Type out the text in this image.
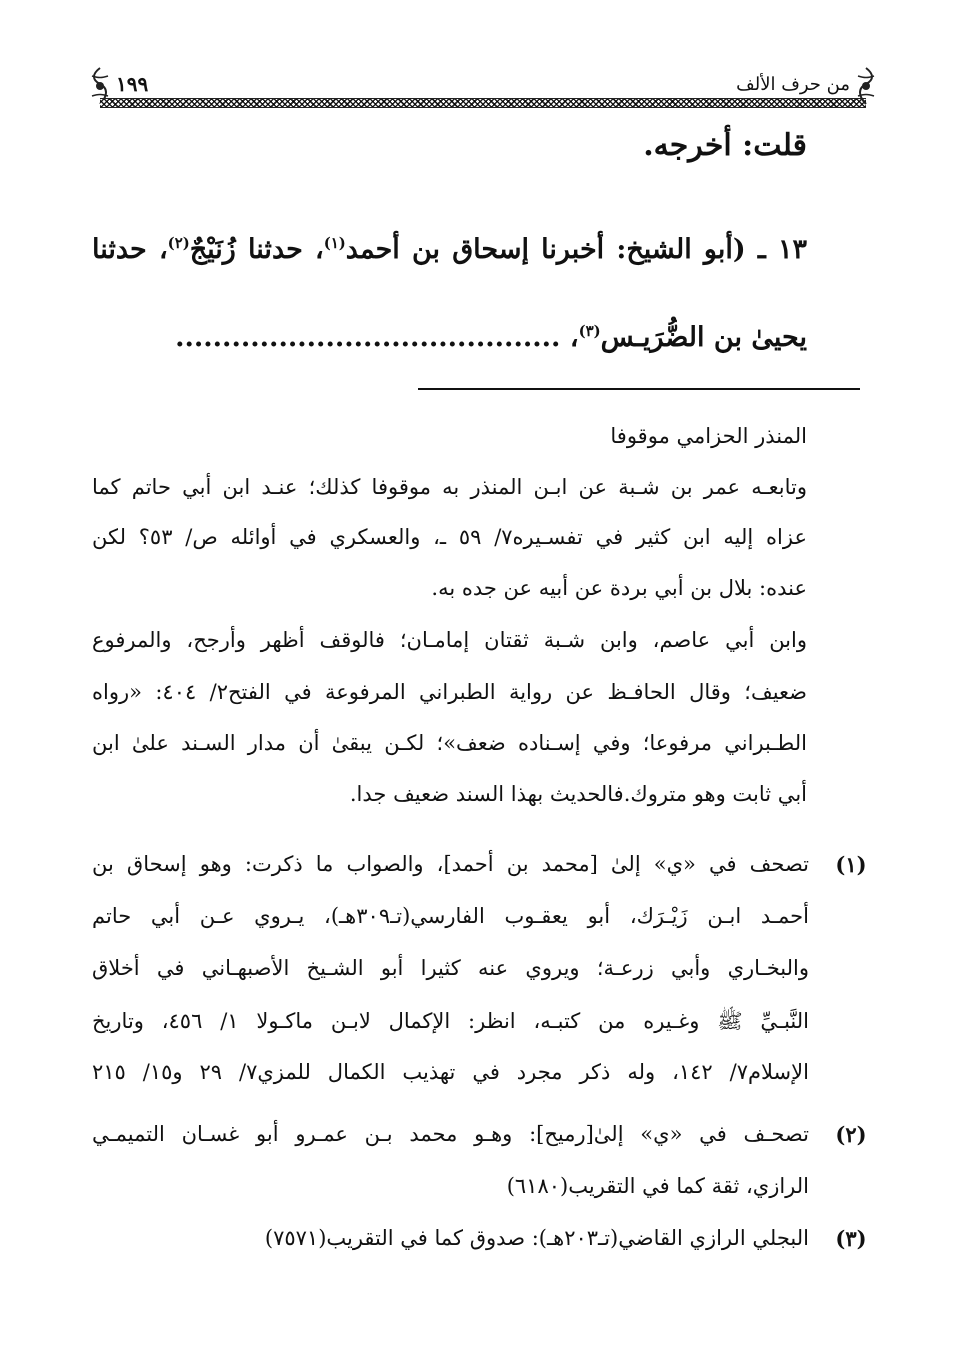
١٩٩	من حرف الألف
قلت: أخرجه.
١٣ ـ (أبو الشيخ: أخبرنا إسحاق بن أحمد$^{(١)}$، حدثنا زُنَيْجٌ$^{(٢)}$، حدثنا
يحيىٰ بن الضُّرَيـس$^{(٣)}$، .........................................
المنذر الحزامي موقوفا
وتابعـه عمر بن شـبة عن ابـن المنذر به موقوفا كذلك؛ عنـد ابن أبي حاتم كما
عزاه إليه ابن كثير في تفسـيره٧/ ٥٩ ـ، والعسكري في أوائله ص/ ٥٣؟ لكن
عنده: بلال بن أبي بردة عن أبيه عن جده به.
وابن أبي عاصم، وابن شـبة ثقتان إمامـان؛ فالوقف أظهر وأرجح، والمرفوع
ضعيف؛ وقال الحافـظ عن رواية الطبراني المرفوعة في الفتح٢/ ٤٠٤: «رواه
الطـبراني مرفوعا؛ وفي إسـناده ضعف»؛ لكـن يبقىٰ أن مدار السـند علىٰ ابن
أبي ثابت وهو متروك.فالحديث بهذا السند ضعيف جدا.
(١)
تصحف في «ي» إلىٰ [محمد بن أحمد]، والصواب ما ذكرت: وهو إسحاق بن
أحمـد ابـن زَيْـرَك، أبو يعقـوب الفارسي(تـ٣٠٩هـ)، يـروي عـن أبي حاتم
والبخـاري وأبي زرعـة؛ ويروي عنه كثيرا أبو الشـيخ الأصبهـاني في أخلاق
النَّبـيِّ ﷺ وغـيره من كتبـه، انظر: الإكمال لابـن ماكـولا ١/ ٤٥٦، وتاريخ
الإسلام٧/ ١٤٢، وله ذكر مجرد في تهذيب الكمال للمزي٧/ ٢٩ و١٥/ ٢١٥
(٢)
تصحـف في «ي» إلىٰ[رميح]: وهـو محمد بـن عمـرو أبو غسـان التميمـي
الرازي، ثقة كما في التقريب(٦١٨٠)
(٣)
البجلي الرازي القاضي(تـ٢٠٣هـ): صدوق كما في التقريب(٧٥٧١)
